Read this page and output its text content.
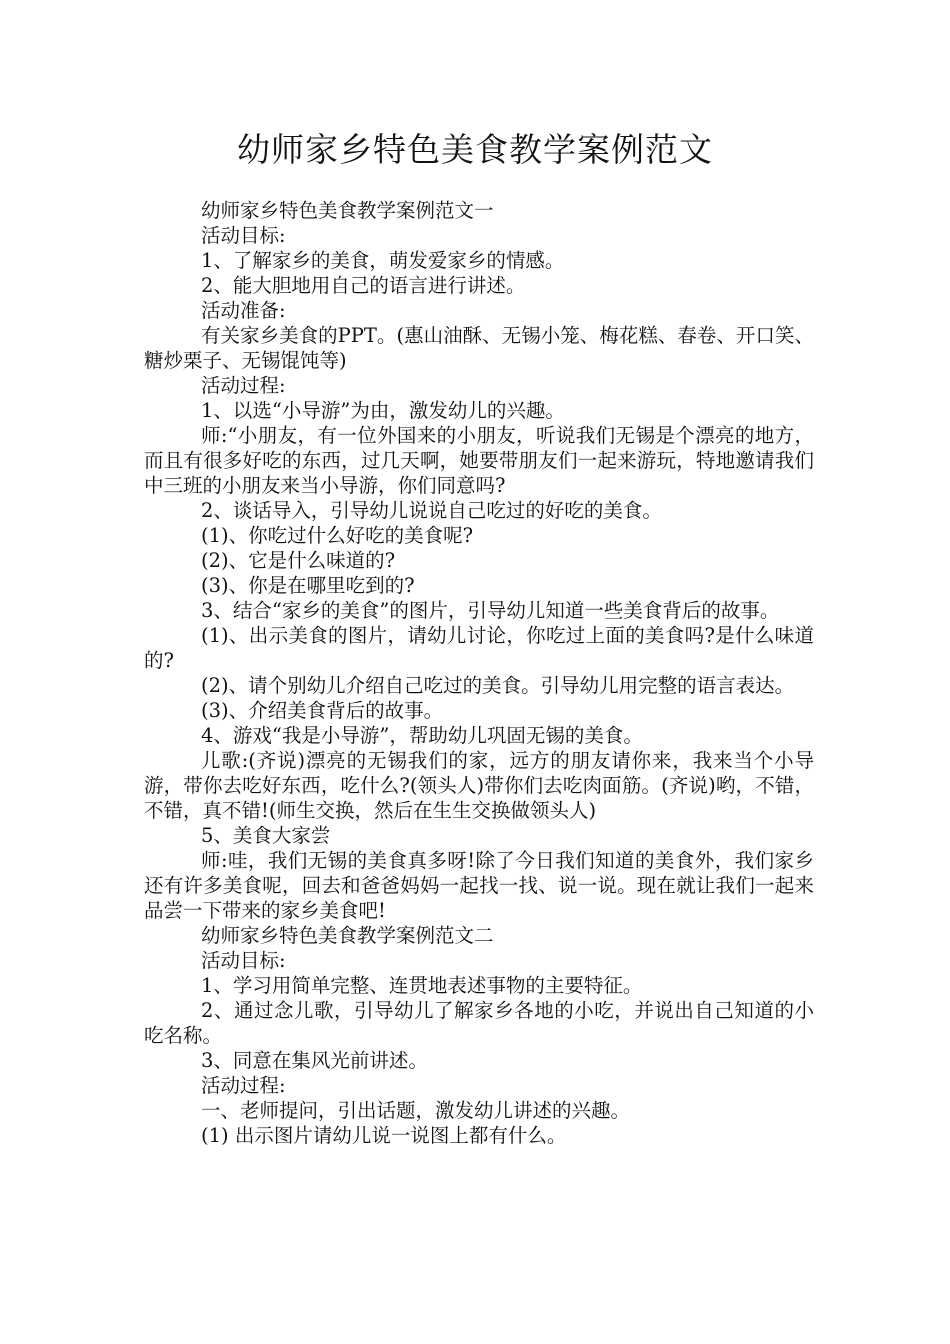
幼师家乡特色美食教学案例范文

幼师家乡特色美食教学案例范文一

活动目标:

1、了解家乡的美食，萌发爱家乡的情感。

2、能大胆地用自己的语言进行讲述。

活动准备:

有关家乡美食的PPT。(惠山油酥、无锡小笼、梅花糕、春卷、开口笑、糖炒栗子、无锡馄饨等)

活动过程:

1、以选“小导游”为由，激发幼儿的兴趣。

师:“小朋友，有一位外国来的小朋友，听说我们无锡是个漂亮的地方，而且有很多好吃的东西，过几天啊，她要带朋友们一起来游玩，特地邀请我们中三班的小朋友来当小导游，你们同意吗?

2、谈话导入，引导幼儿说说自己吃过的好吃的美食。

(1)、你吃过什么好吃的美食呢?

(2)、它是什么味道的?

(3)、你是在哪里吃到的?

3、结合“家乡的美食”的图片，引导幼儿知道一些美食背后的故事。

(1)、出示美食的图片，请幼儿讨论，你吃过上面的美食吗?是什么味道的?

(2)、请个别幼儿介绍自己吃过的美食。引导幼儿用完整的语言表达。

(3)、介绍美食背后的故事。

4、游戏“我是小导游”，帮助幼儿巩固无锡的美食。

儿歌:(齐说)漂亮的无锡我们的家，远方的朋友请你来，我来当个小导游，带你去吃好东西，吃什么?(领头人)带你们去吃肉面筋。(齐说)哟，不错，不错，真不错!(师生交换，然后在生生交换做领头人)

5、美食大家尝

师:哇，我们无锡的美食真多呀!除了今日我们知道的美食外，我们家乡还有许多美食呢，回去和爸爸妈妈一起找一找、说一说。现在就让我们一起来品尝一下带来的家乡美食吧!

幼师家乡特色美食教学案例范文二

活动目标:

1、学习用简单完整、连贯地表述事物的主要特征。

2、通过念儿歌，引导幼儿了解家乡各地的小吃，并说出自己知道的小吃名称。

3、同意在集风光前讲述。

活动过程:

一、老师提问，引出话题，激发幼儿讲述的兴趣。

(1) 出示图片请幼儿说一说图上都有什么。
